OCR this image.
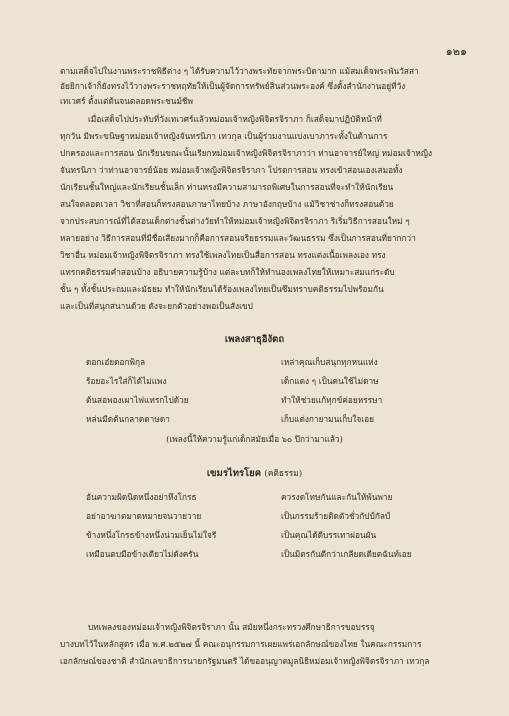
๑๒๑
ตามเสด็จไปในงานพระราชพิธีต่าง ๆ ได้รับความไว้วางพระทัยจากพระบิดามาก แม้สมเด็จพระพันวัสสา
อัยยิกาเจ้าก็ยังทรงไว้วางพระราชหฤทัยให้เป็นผู้จัดการทรัพย์สินส่วนพระองค์ ซึ่งตั้งสำนักงานอยู่ที่วัง
เทเวศร์ ตั้งแต่ต้นจนตลอดพระชนม์ชีพ
เมื่อเสด็จไปประทับที่วังเทเวศร์แล้วหม่อมเจ้าหญิงพิจิตรจิราภา ก็เสด็จมาปฏิบัติหน้าที่
ทุกวัน มีพระขนิษฐาหม่อมเจ้าหญิงจันทรนิภา เทวกุล เป็นผู้ร่วมงานแบ่งเบาภาระทั้งในด้านการ
ปกครองและการสอน นักเรียนขณะนั้นเรียกหม่อมเจ้าหญิงพิจิตรจิราภาว่า ท่านอาจารย์ใหญ่ หม่อมเจ้าหญิง
จันทรนิภา ว่าท่านอาจารย์น้อย หม่อมเจ้าหญิงพิจิตรจิราภา โปรดการสอน ทรงเข้าสอนเองเสมอทั้ง
นักเรียนชั้นใหญ่และนักเรียนชั้นเล็ก ท่านทรงมีความสามารถพิเศษในการสอนที่จะทำให้นักเรียน
สนใจตลอดเวลา วิชาที่สอนก็ทรงสอนภาษาไทยบ้าง ภาษาอังกฤษบ้าง แม้วิชาช่างก็ทรงสอนด้วย
จากประสบการณ์ที่ได้สอนเด็กต่างชั้นต่างวัยทำให้หม่อมเจ้าหญิงพิจิตรจิราภา ริเริ่มวิธีการสอนใหม่ ๆ
หลายอย่าง วิธีการสอนที่มีชื่อเสียงมากก็คือการสอนจริยธรรมและวัฒนธรรม ซึ่งเป็นการสอนที่ยากกว่า
วิชาอื่น หม่อมเจ้าหญิงพิจิตรจิราภา ทรงใช้เพลงไทยเป็นสื่อการสอน ทรงแต่งเนื้อเพลงเอง ทรง
แทรกคติธรรมคำสอนบ้าง อธิบายความรู้บ้าง แต่ละบทก็ให้ทำนองเพลงไทยให้เหมาะสมแก่ระดับ
ชั้น ๆ ทั้งชั้นประถมและมัธยม ทำให้นักเรียนได้ร้องเพลงไทยเป็นซึมทราบคติธรรมไปพร้อมกัน
และเป็นที่สนุกสนานด้วย ดังจะยกตัวอย่างพอเป็นสังเขป
เพลงสาธุอิงัตถ
ดอกเอ๋ยดอกพิกุล	เหล่าคุณเก็บสนุกทุกหนแห่ง
ร้อยอะไรใส่ก็ได้ไม่แพง	เด็กแดง ๆ เป็นคนใช้ไม่ดาษ
ต้นสอพองเผาไฟแทรกไปด้วย	ทำให้ช่วยแก้ทุกข์ค่อยหรรษา
หล่นมีดต้นกลาดดาษดา	เก็บแต่งกายามนเก็บใจเอย
(เพลงนี้ให้ความรู้แก่เด็กสมัยเมื่อ ๖๐ ปีกว่ามาแล้ว)
เขมรไทรโยค (คติธรรม)
อันความผิดนิดหนึ่งอย่าหึงโกรธ	ควรงดโทษกันและกันให้พ้นพาย
อย่าอาฆาตมาดหมายจนวายวาย	เป็นกรรมร้ายติดตัวชั่วกัปป์กัลป์
ข้างหนึ่งโกรธข้างหนึ่งน่วมเย็นไม่ใจรี	เป็นคุณได้ดีบรรเทาผ่อนผัน
เหมือนตบมือข้างเดียวไม่ดังครัน	เป็นมิตรกันดีกว่าเกลียดเดียดฉันท์เอย
บทเพลงของหม่อมเจ้าหญิงพิจิตรจิราภา นั้น สมัยหนึ่งกระทรวงศึกษาธิการขอบรรจุ
บางบทไว้ในหลักสูตร เมื่อ พ.ศ.๒๕๒๗ นี้ คณะอนุกรรมการเผยแพร่เอกลักษณ์ของไทย ในคณะกรรมการ
เอกลักษณ์ของชาติ สำนักเลขาธิการนายกรัฐมนตรี ได้ขออนุญาตมูลนิธิหม่อมเจ้าหญิงพิจิตรจิราภา เทวกุล
